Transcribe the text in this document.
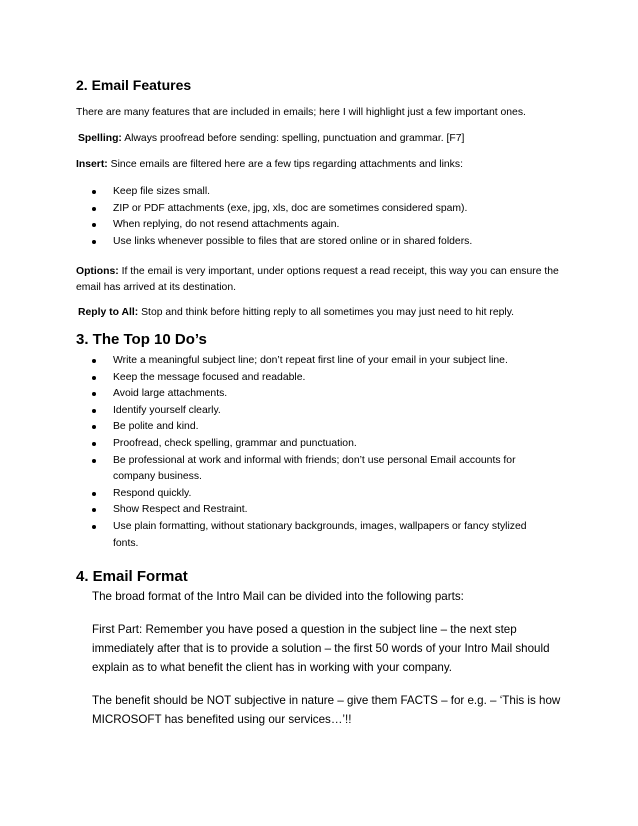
2. Email Features

There are many features that are included in emails; here I will highlight just a few important ones.

Spelling: Always proofread before sending: spelling, punctuation and grammar. [F7]

Insert: Since emails are filtered here are a few tips regarding attachments and links:

Keep file sizes small.
ZIP or PDF attachments (exe, jpg, xls, doc are sometimes considered spam).
When replying, do not resend attachments again.
Use links whenever possible to files that are stored online or in shared folders.

Options: If the email is very important, under options request a read receipt, this way you can ensure the email has arrived at its destination.

Reply to All: Stop and think before hitting reply to all sometimes you may just need to hit reply.

3. The Top 10 Do’s

Write a meaningful subject line; don’t repeat first line of your email in your subject line.
Keep the message focused and readable.
Avoid large attachments.
Identify yourself clearly.
Be polite and kind.
Proofread, check spelling, grammar and punctuation.
Be professional at work and informal with friends; don’t use personal Email accounts for company business.
Respond quickly.
Show Respect and Restraint.
Use plain formatting, without stationary backgrounds, images, wallpapers or fancy stylized fonts.

4. Email Format

The broad format of the Intro Mail can be divided into the following parts:

First Part: Remember you have posed a question in the subject line – the next step immediately after that is to provide a solution – the first 50 words of your Intro Mail should explain as to what benefit the client has in working with your company.

The benefit should be NOT subjective in nature – give them FACTS – for e.g. – ‘This is how MICROSOFT has benefited using our services…’!!
